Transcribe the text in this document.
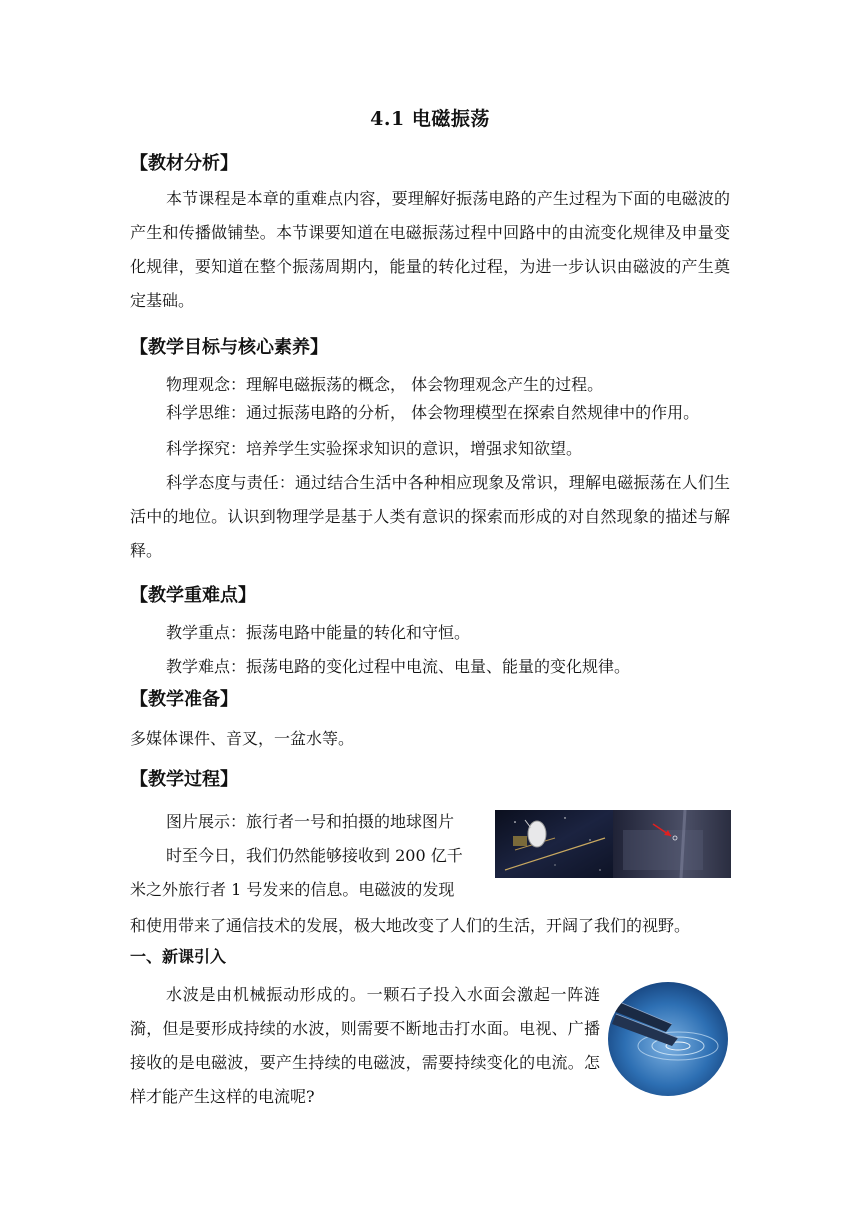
4.1 电磁振荡
【教材分析】
本节课程是本章的重难点内容，要理解好振荡电路的产生过程为下面的电磁波的产生和传播做铺垫。本节课要知道在电磁振荡过程中回路中的由流变化规律及申量变化规律，要知道在整个振荡周期内，能量的转化过程，为进一步认识由磁波的产生奠定基础。
【教学目标与核心素养】
物理观念：理解电磁振荡的概念， 体会物理观念产生的过程。
科学思维：通过振荡电路的分析， 体会物理模型在探索自然规律中的作用。
科学探究：培养学生实验探求知识的意识，增强求知欲望。
科学态度与责任：通过结合生活中各种相应现象及常识，理解电磁振荡在人们生活中的地位。认识到物理学是基于人类有意识的探索而形成的对自然现象的描述与解释。
【教学重难点】
教学重点：振荡电路中能量的转化和守恒。
教学难点：振荡电路的变化过程中电流、电量、能量的变化规律。
【教学准备】
多媒体课件、音叉，一盆水等。
【教学过程】

图片展示：旅行者一号和拍摄的地球图片

时至今日，我们仍然能够接收到 200 亿千

米之外旅行者 1 号发来的信息。电磁波的发现

和使用带来了通信技术的发展，极大地改变了人们的生活，开阔了我们的视野。
一、新课引入
水波是由机械振动形成的。一颗石子投入水面会激起一阵涟漪，但是要形成持续的水波，则需要不断地击打水面。电视、广播接收的是电磁波，要产生持续的电磁波，需要持续变化的电流。怎样才能产生这样的电流呢?
